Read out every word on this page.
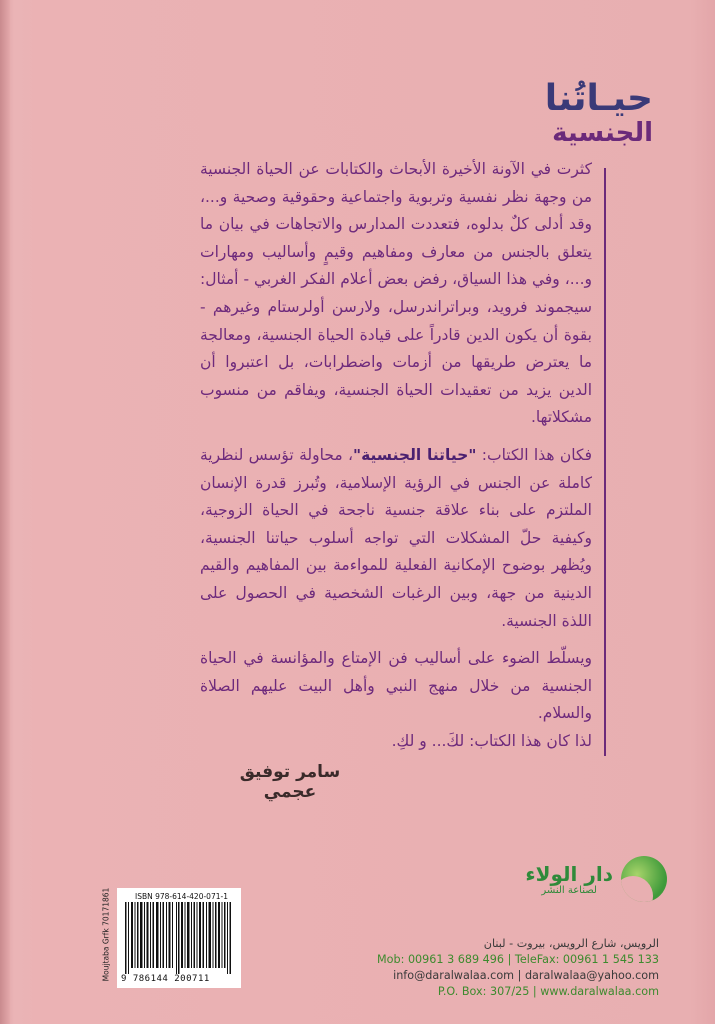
حيـاتُنا
الجنسية

كثرت في الآونة الأخيرة الأبحاث والكتابات عن الحياة الجنسية من وجهة نظر نفسية وتربوية واجتماعية وحقوقية وصحية و...، وقد أدلى كلٌ بدلوه، فتعددت المدارس والاتجاهات في بيان ما يتعلق بالجنس من معارف ومفاهيم وقيمٍ وأساليب ومهارات و...، وفي هذا السياق، رفض بعض أعلام الفكر الغربي - أمثال: سيجموند فرويد، وبراتراندرسل، ولارسن أولرستام وغيرهم - بقوة أن يكون الدين قادراً على قيادة الحياة الجنسية، ومعالجة ما يعترض طريقها من أزمات واضطرابات، بل اعتبروا أن الدين يزيد من تعقيدات الحياة الجنسية، ويفاقم من منسوب مشكلاتها.

فكان هذا الكتاب: "حياتنا الجنسية"، محاولة تؤسس لنظرية كاملة عن الجنس في الرؤية الإسلامية، وتُبرز قدرة الإنسان الملتزم على بناء علاقة جنسية ناجحة في الحياة الزوجية، وكيفية حلّ المشكلات التي تواجه أسلوب حياتنا الجنسية، ويُظهر بوضوح الإمكانية الفعلية للمواءمة بين المفاهيم والقيم الدينية من جهة، وبين الرغبات الشخصية في الحصول على اللذة الجنسية.

ويسلّط الضوء على أساليب فن الإمتاع والمؤانسة في الحياة الجنسية من خلال منهج النبي وأهل البيت عليهم الصلاة والسلام.

لذا كان هذا الكتاب: لكَ... و لكِ.

سامر توفيق عجمي
دار الولاء
لصناعة النشر
الرويس، شارع الرويس، بيروت - لبنان
Mob: 00961 3 689 496 | TeleFax: 00961 1 545 133
info@daralwalaa.com | daralwalaa@yahoo.com
P.O. Box: 307/25 | www.daralwalaa.com
Moujtaba Grfk 70171861	ISBN 978-614-420-071-1
9 786144 200711
